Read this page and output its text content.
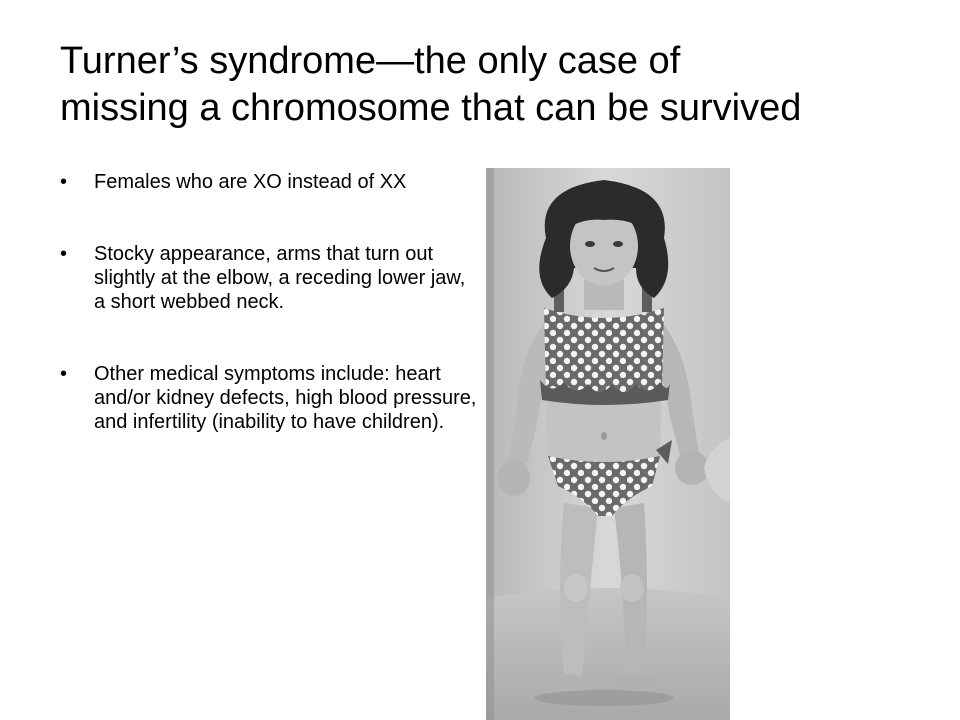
Turner’s syndrome—the only case of
missing a chromosome that can be survived
• Females who are XO instead of XX
• Stocky appearance, arms that turn out slightly at the elbow, a receding lower jaw, a short webbed neck.
• Other medical symptoms include: heart and/or kidney defects, high blood pressure, and infertility (inability to have children).
